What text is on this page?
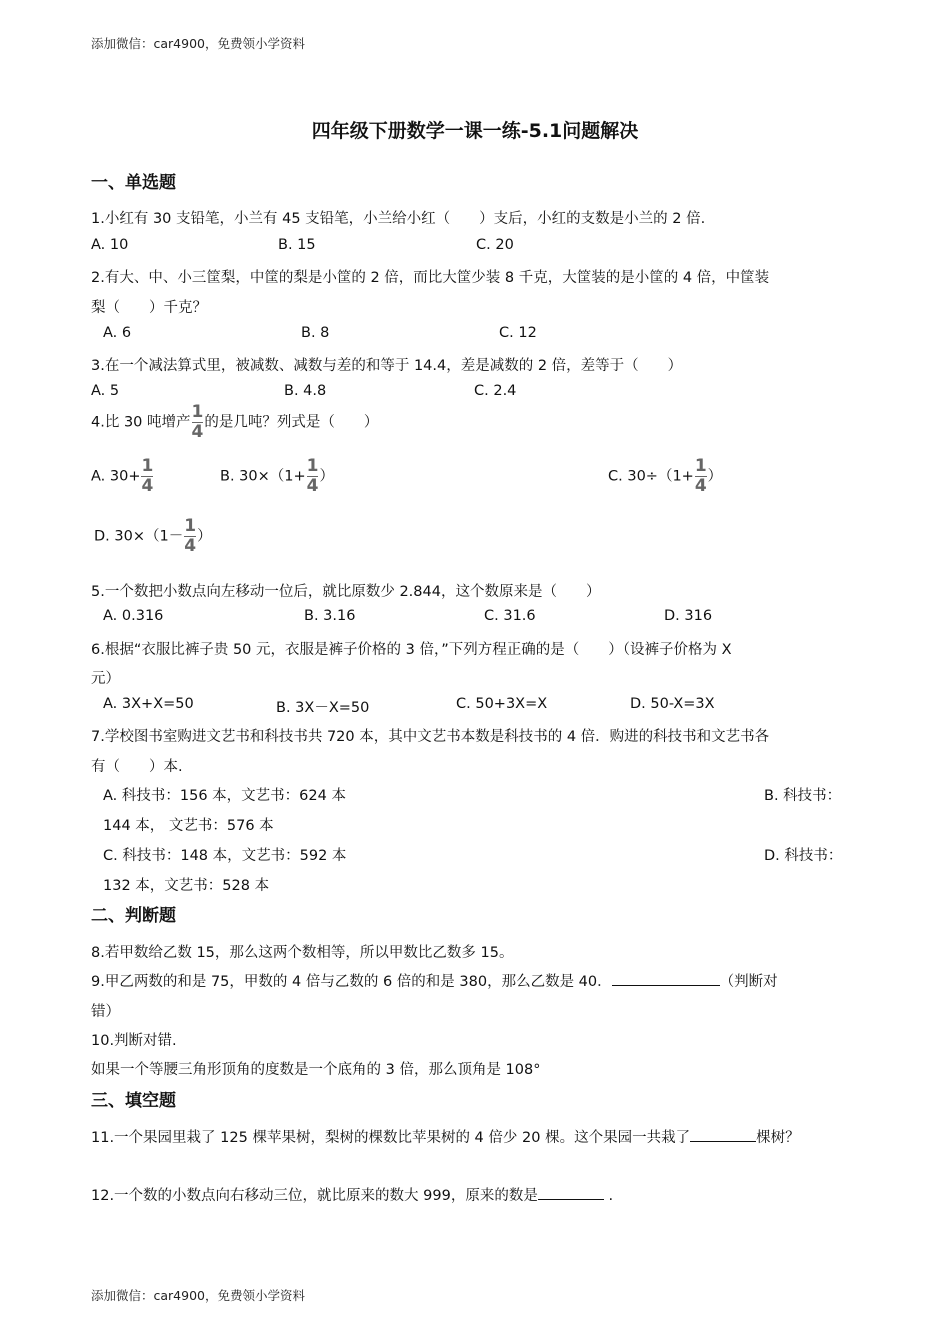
添加微信：car4900，免费领小学资料
四年级下册数学一课一练-5.1问题解决
一、单选题
1.小红有 30 支铅笔，小兰有 45 支铅笔，小兰给小红（　　）支后，小红的支数是小兰的 2 倍.
A. 10	B. 15	C. 20
2.有大、中、小三筐梨，中筐的梨是小筐的 2 倍，而比大筐少装 8 千克，大筐装的是小筐的 4 倍，中筐装
梨（　　）千克？
A. 6	B. 8	C. 12
3.在一个减法算式里，被减数、减数与差的和等于 14.4，差是减数的 2 倍，差等于（　　）
A. 5	B. 4.8	C. 2.4
4.比 30 吨增产 $\frac{1}{4}$ 的是几吨？列式是（　　）
A. $30+ \frac{1}{4}$	B. $30\times(1+ \frac{1}{4}$ ）	C. $30\div(1+ \frac{1}{4}$ ）
D. $30\times(1- \frac{1}{4}$ ）
5.一个数把小数点向左移动一位后，就比原数少 2.844，这个数原来是（　　）
A. 0.316	B. 3.16	C. 31.6	D. 316
6.根据“衣服比裤子贵 50 元，衣服是裤子价格的 3 倍，”下列方程正确的是（　　）（设裤子价格为 X
元）
A. 3X+X=50	B. 3X－X=50	C. 50+3X=X	D. 50-X=3X
7.学校图书室购进文艺书和科技书共 720 本，其中文艺书本数是科技书的 4 倍．购进的科技书和文艺书各
有（　　）本.
A. 科技书：156 本，文艺书：624 本	B. 科技书：
144 本， 文艺书：576 本
C. 科技书：148 本，文艺书：592 本	D. 科技书：
132 本，文艺书：528 本
二、判断题
8.若甲数给乙数 15，那么这两个数相等，所以甲数比乙数多 15。
9.甲乙两数的和是 75，甲数的 4 倍与乙数的 6 倍的和是 380，那么乙数是 40．	（判断对
错）
10.判断对错.
如果一个等腰三角形顶角的度数是一个底角的 3 倍，那么顶角是 108°
三、填空题
11.一个果园里栽了 125 棵苹果树，梨树的棵数比苹果树的 4 倍少 20 棵。这个果园一共栽了	棵树？
12.一个数的小数点向右移动三位，就比原来的数大 999，原来的数是	.
添加微信：car4900，免费领小学资料
